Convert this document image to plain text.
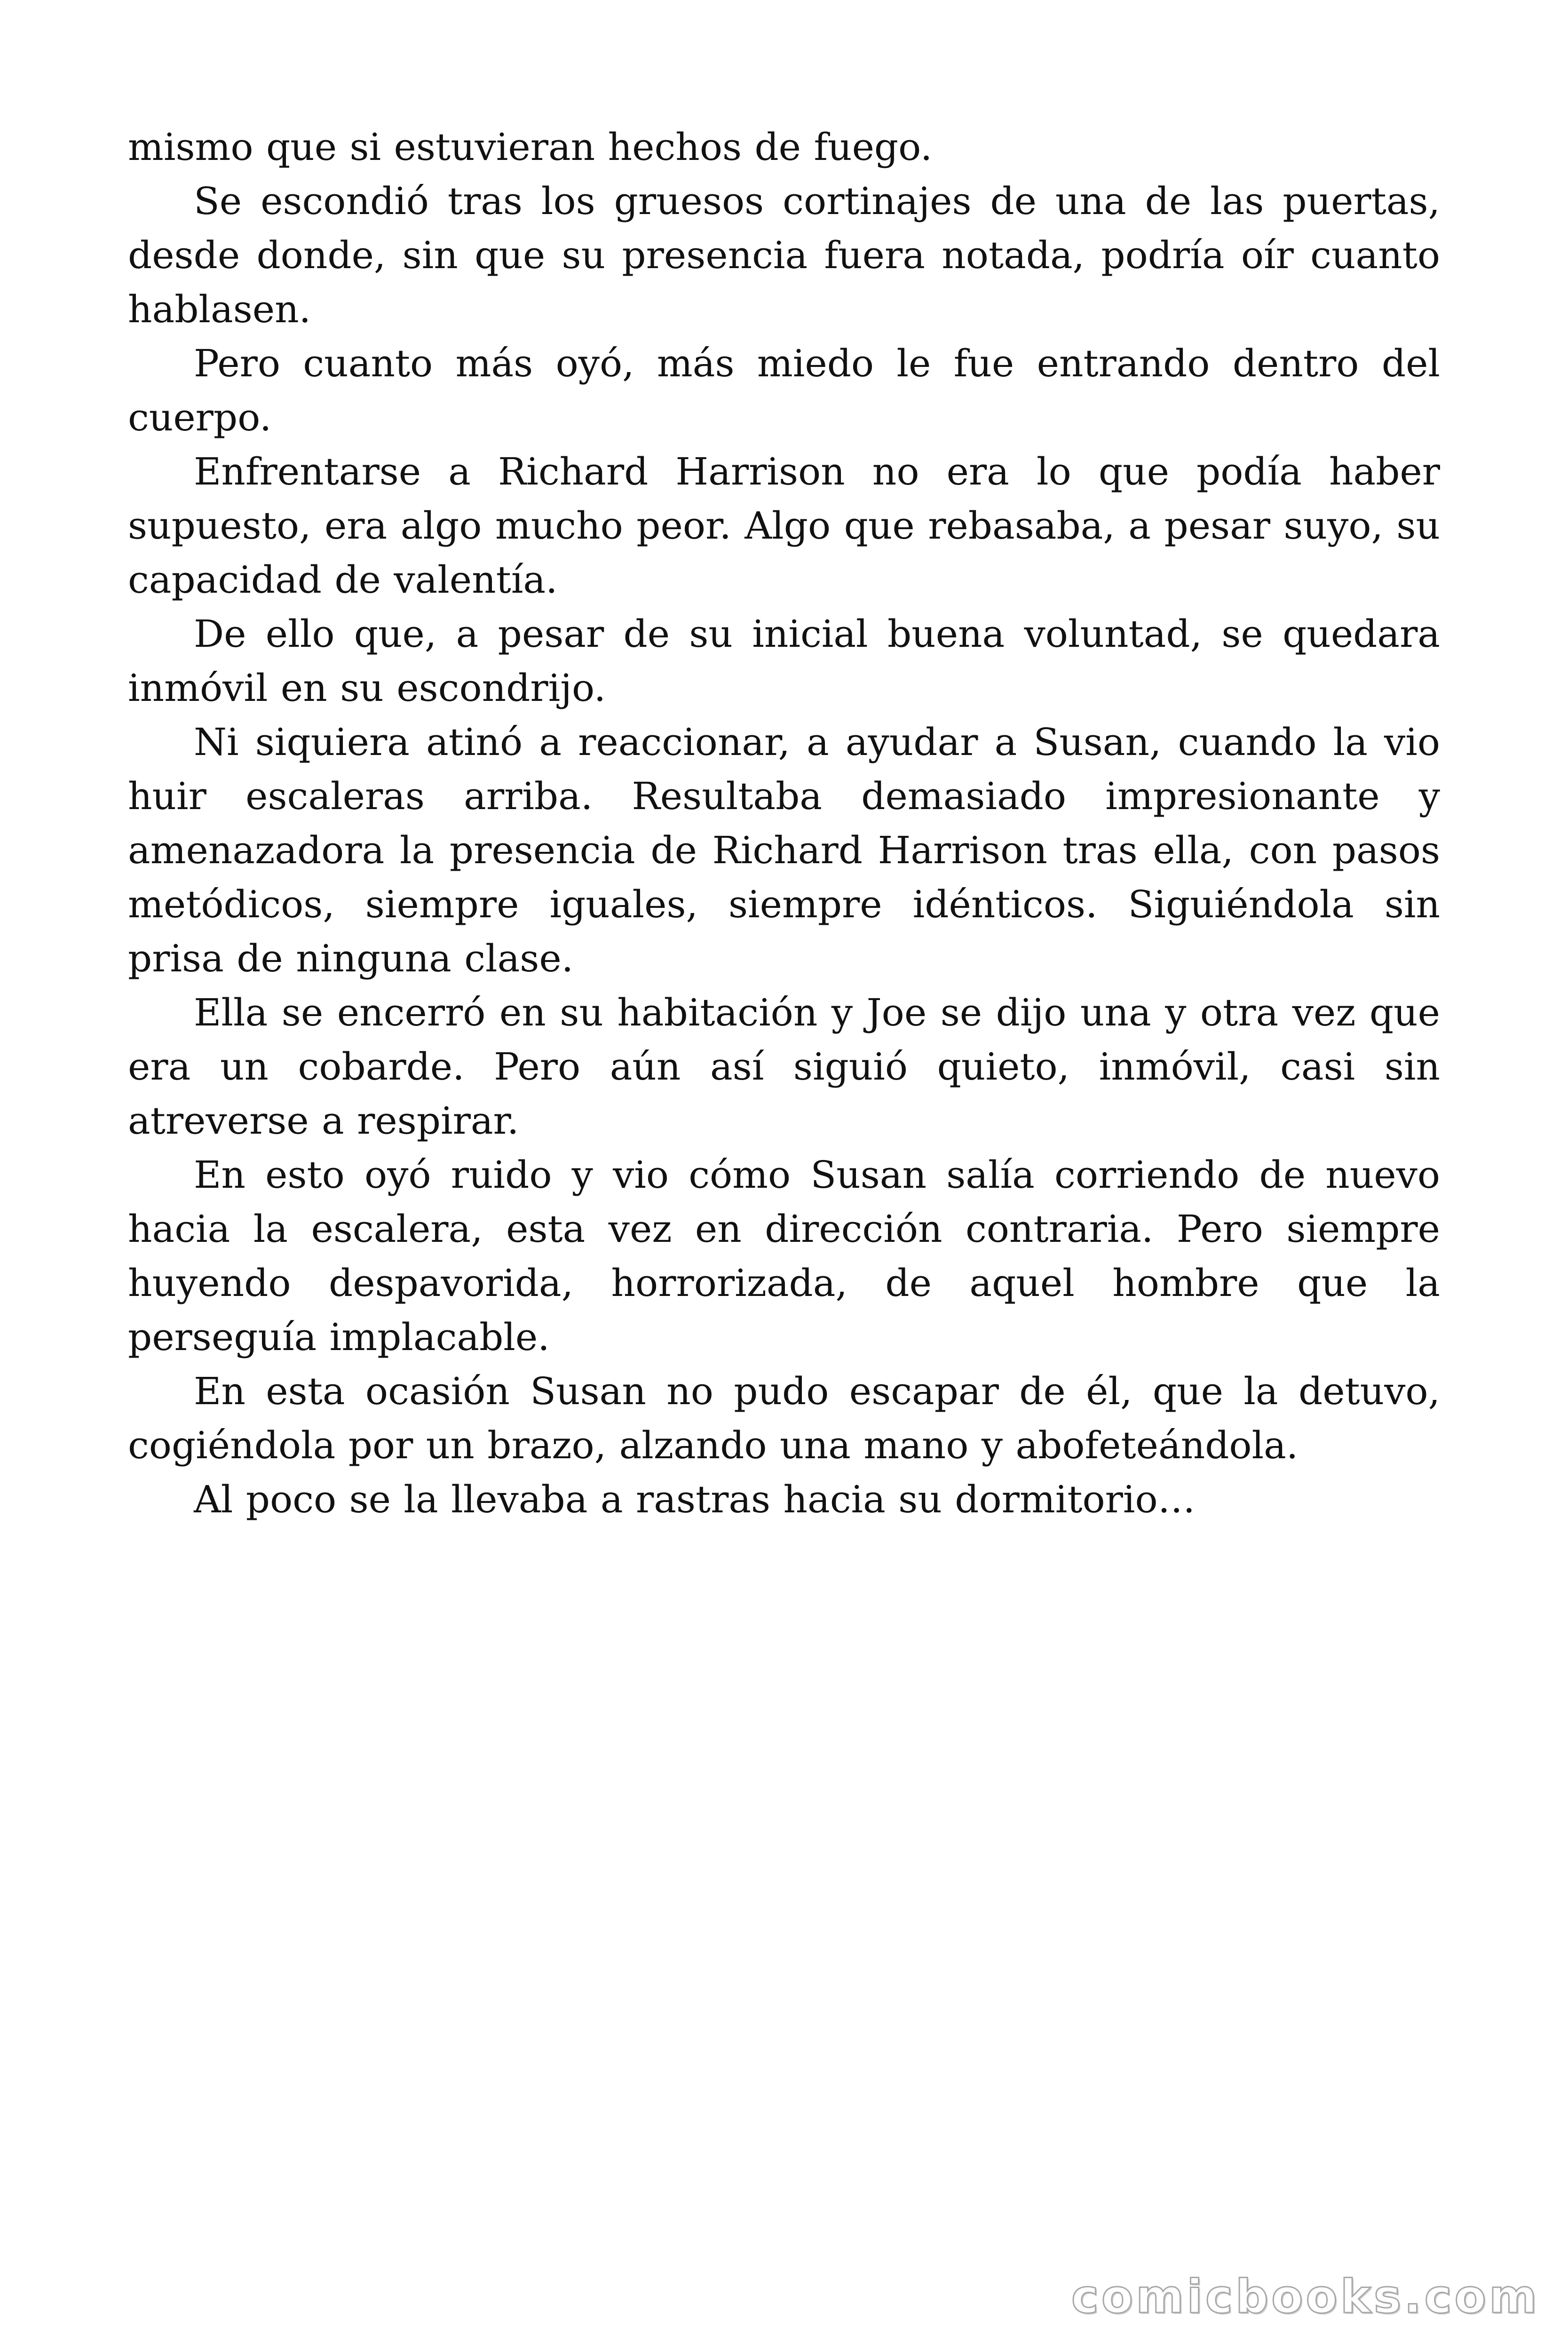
mismo que si estuvieran hechos de fuego.

Se escondió tras los gruesos cortinajes de una de las puertas, desde donde, sin que su presencia fuera notada, podría oír cuanto hablasen.

Pero cuanto más oyó, más miedo le fue entrando dentro del cuerpo.

Enfrentarse a Richard Harrison no era lo que podía haber supuesto, era algo mucho peor. Algo que rebasaba, a pesar suyo, su capacidad de valentía.

De ello que, a pesar de su inicial buena voluntad, se quedara inmóvil en su escondrijo.

Ni siquiera atinó a reaccionar, a ayudar a Susan, cuando la vio huir escaleras arriba. Resultaba demasiado impresionante y amenazadora la presencia de Richard Harrison tras ella, con pasos metódicos, siempre iguales, siempre idénticos. Siguiéndola sin prisa de ninguna clase.

Ella se encerró en su habitación y Joe se dijo una y otra vez que era un cobarde. Pero aún así siguió quieto, inmóvil, casi sin atreverse a respirar.

En esto oyó ruido y vio cómo Susan salía corriendo de nuevo hacia la escalera, esta vez en dirección contraria. Pero siempre huyendo despavorida, horrorizada, de aquel hombre que la perseguía implacable.

En esta ocasión Susan no pudo escapar de él, que la detuvo, cogiéndola por un brazo, alzando una mano y abofeteándola.

Al poco se la llevaba a rastras hacia su dormitorio…

comicbooks.com
